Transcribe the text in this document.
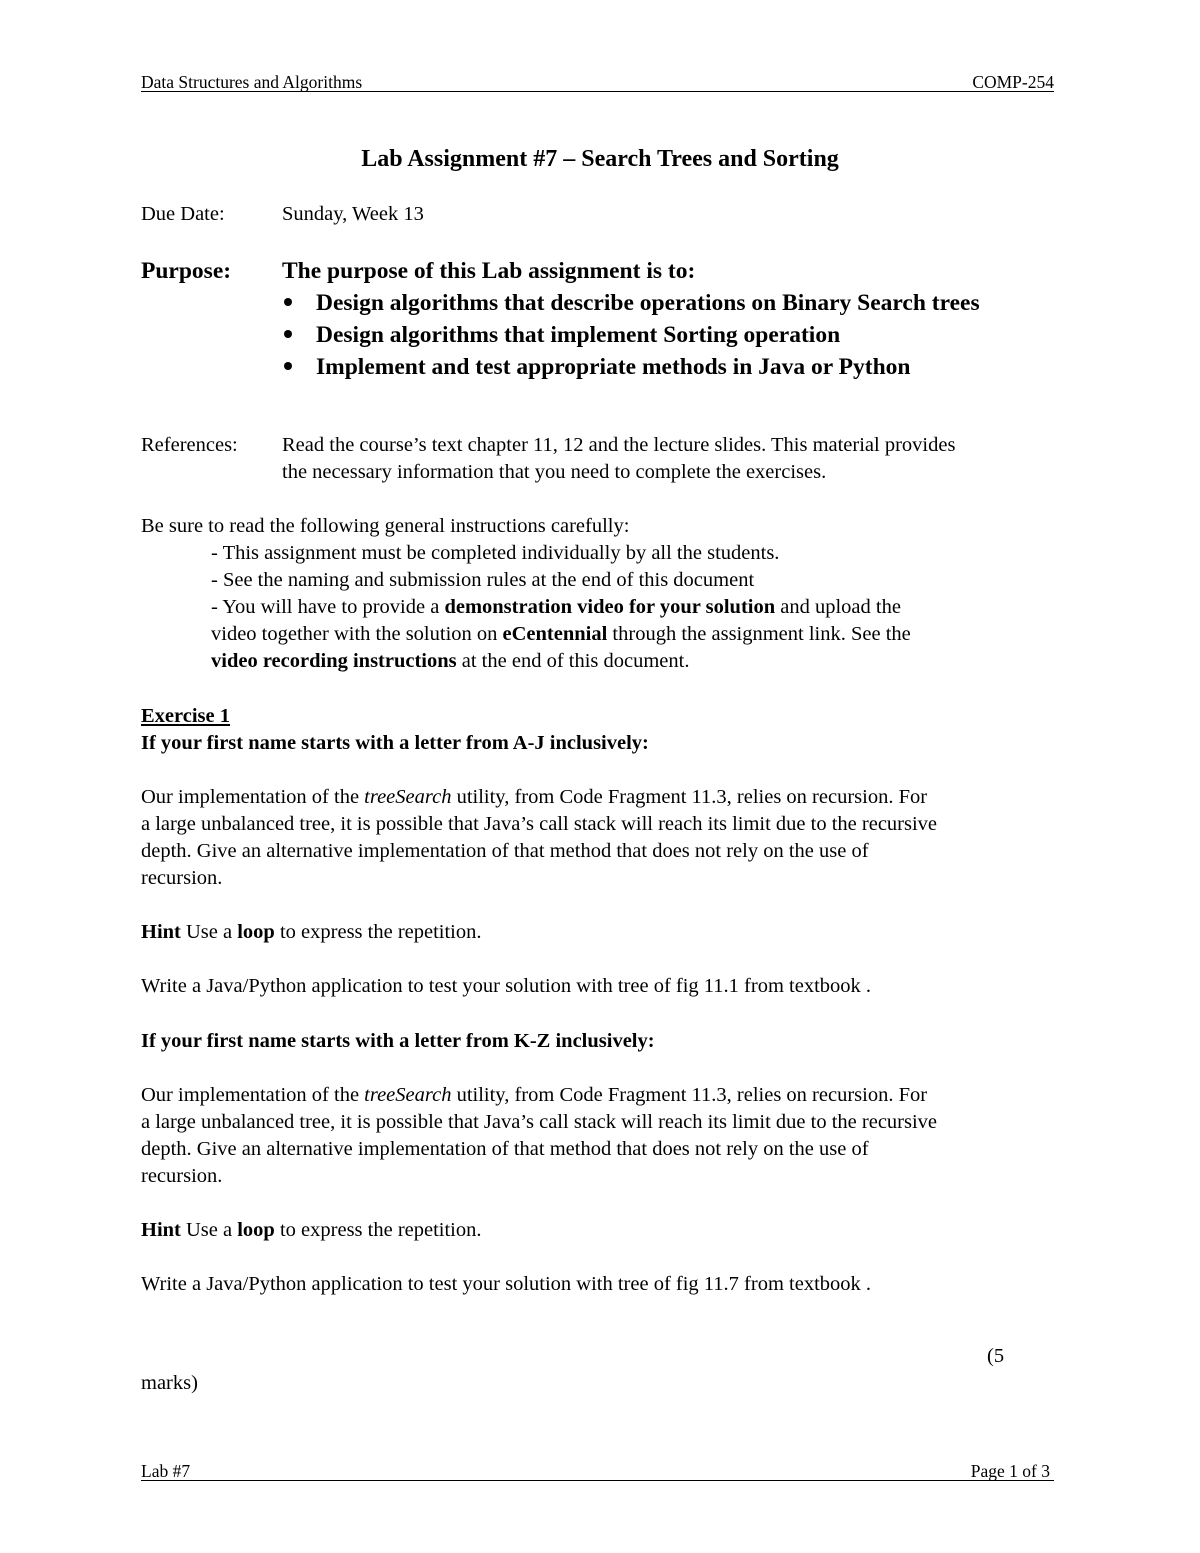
Data Structures and Algorithms	COMP-254
Lab Assignment #7 – Search Trees and Sorting
Due Date:	Sunday, Week 13
Purpose: The purpose of this Lab assignment is to:
Design algorithms that describe operations on Binary Search trees
Design algorithms that implement Sorting operation
Implement and test appropriate methods in Java or Python
References: Read the course’s text chapter 11, 12 and the lecture slides. This material provides
the necessary information that you need to complete the exercises.
Be sure to read the following general instructions carefully:
- This assignment must be completed individually by all the students.
- See the naming and submission rules at the end of this document
- You will have to provide a demonstration video for your solution and upload the
video together with the solution on eCentennial through the assignment link. See the
video recording instructions at the end of this document.
Exercise 1
If your first name starts with a letter from A-J inclusively:
Our implementation of the treeSearch utility, from Code Fragment 11.3, relies on recursion. For
a large unbalanced tree, it is possible that Java’s call stack will reach its limit due to the recursive
depth. Give an alternative implementation of that method that does not rely on the use of
recursion.
Hint Use a loop to express the repetition.
Write a Java/Python application to test your solution with tree of fig 11.1 from textbook .
If your first name starts with a letter from K-Z inclusively:
Our implementation of the treeSearch utility, from Code Fragment 11.3, relies on recursion. For
a large unbalanced tree, it is possible that Java’s call stack will reach its limit due to the recursive
depth. Give an alternative implementation of that method that does not rely on the use of
recursion.
Hint Use a loop to express the repetition.
Write a Java/Python application to test your solution with tree of fig 11.7 from textbook .
(5
marks)
Lab #7	Page 1 of 3
